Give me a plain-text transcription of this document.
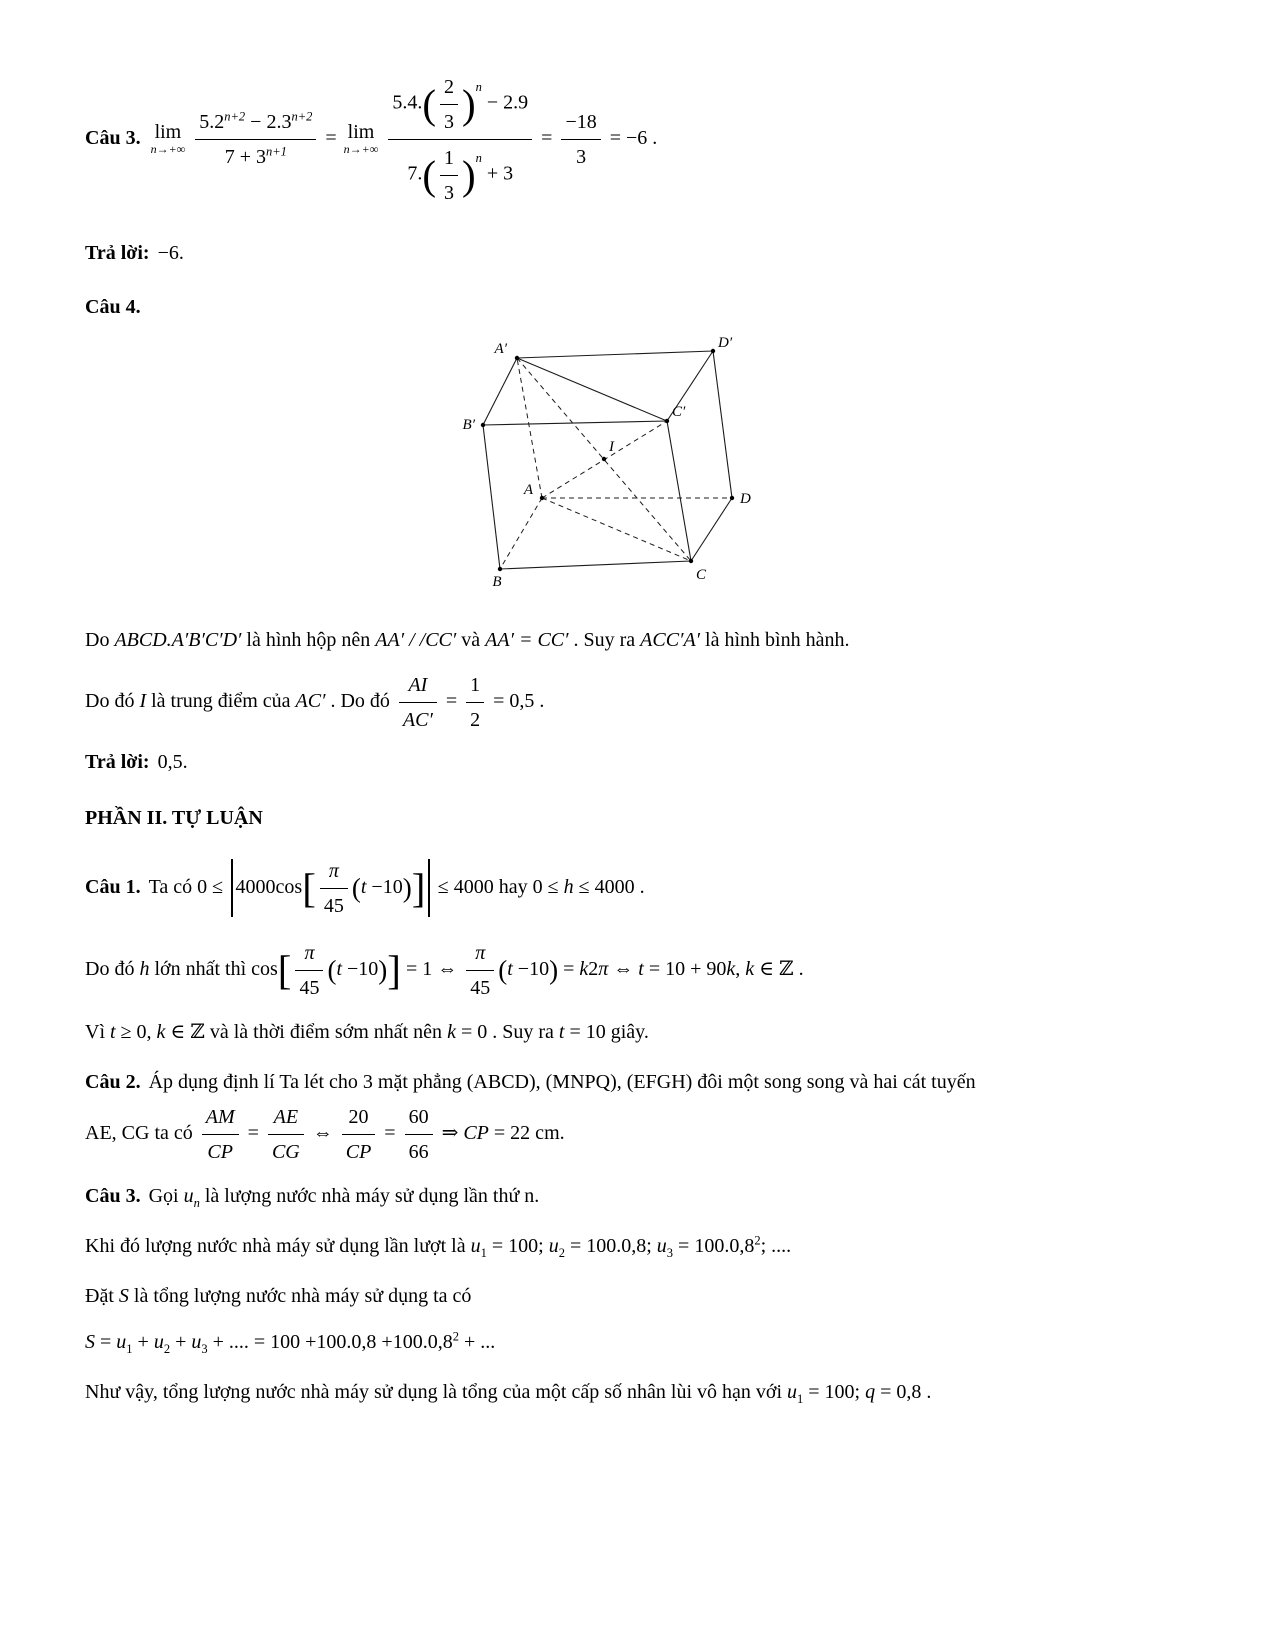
Câu 3. lim
$n\to+\infty \frac{5.2^{n+2} - 2.3^{n+2}}{7 + 3^{n+1}} = \lim$
$n\to+\infty \frac{5.4.( \frac{2}{3} )^n - 2.9}{7.( \frac{1}{3} )^n + 3} = \frac{-18}{3} = -6$ .
Trả lời: −6.
Câu 4.
A′	D′
B′
C′
I
A
D
B	C
Do ABCD.A′B′C′D′ là hình hộp nên AA′ / /CC′ và AA′ = CC′ . Suy ra ACC′A′ là hình bình hành.
Do đó I là trung điểm của AC′ . Do đó $\frac{AI}{AC'} = \frac{1}{2} = 0,5$ .
Trả lời: 0,5.
PHẦN II. TỰ LUẬN
Câu 1. Ta có $0 \le 4000\cos[ \frac{\pi}{45} (t -10)] \le 4000$ hay 0 ≤ h ≤ 4000 .
Do đó h lớn nhất thì $\cos[ \frac{\pi}{45} (t -10)] = 1$ ⇔ $\frac{\pi}{45} (t -10) = k2\pi$ ⇔ t = 10 + 90k, k ∈ ℤ .
Vì t ≥ 0, k ∈ ℤ và là thời điểm sớm nhất nên k = 0 . Suy ra t = 10 giây.
Câu 2. Áp dụng định lí Ta lét cho 3 mặt phẳng (ABCD), (MNPQ), (EFGH) đôi một song song và hai cát tuyến
AE, CG ta có $\frac{AM}{CP} = \frac{AE}{CG}$ ⇔ $\frac{20}{CP} = \frac{60}{66}$ ⇒ CP = 22 cm.
Câu 3. Gọi $u_n$ là lượng nước nhà máy sử dụng lần thứ n.
Khi đó lượng nước nhà máy sử dụng lần lượt là $u_1 = 100$; $u_2 = 100.0,8$; $u_3 = 100.0,8^2$; ....
Đặt S là tổng lượng nước nhà máy sử dụng ta có
$S = u_1 + u_2 + u_3$ + .... = $100 +100.0,8 +100.0,8^2$ + ...
Như vậy, tổng lượng nước nhà máy sử dụng là tổng của một cấp số nhân lùi vô hạn với $u_1 = 100$; q = 0,8 .
